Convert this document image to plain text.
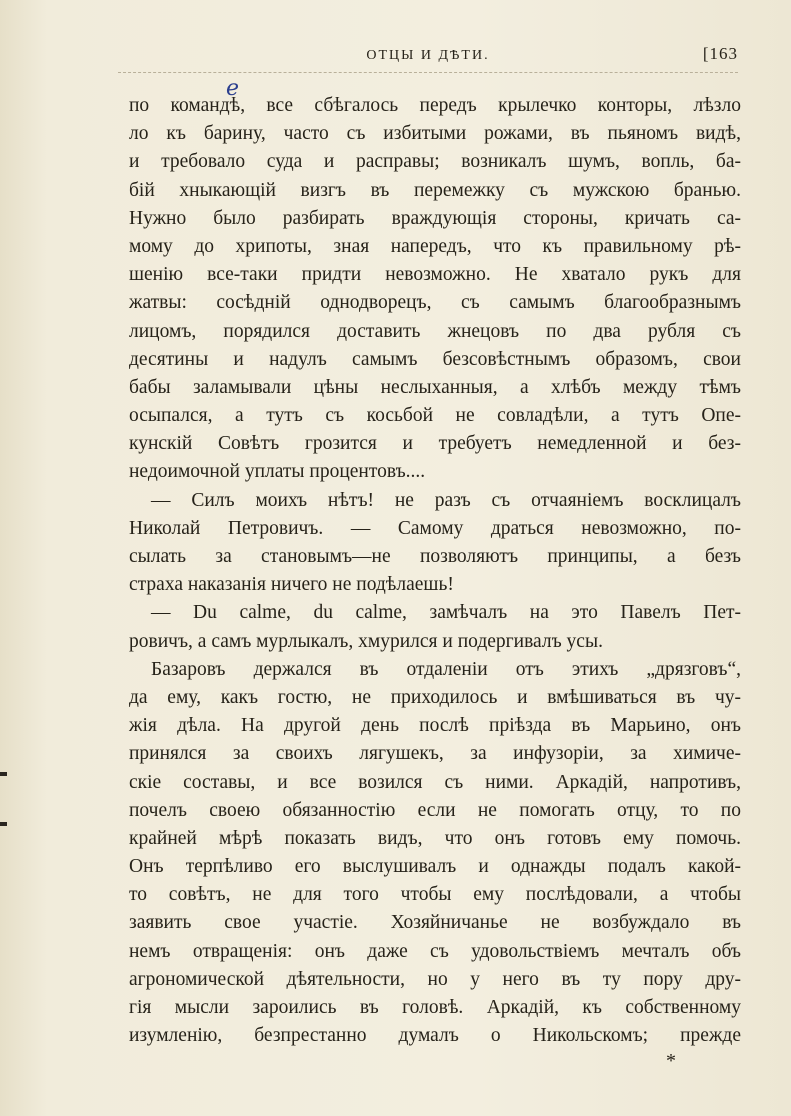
ОТЦЫ И ДѢТИ.	[163
e
по командѣ, все сбѣгалось передъ крылечко конторы, лѣзло
ло къ барину, часто съ избитыми рожами, въ пьяномъ видѣ,
и требовало суда и расправы; возникалъ шумъ, вопль, ба-
бій хныкающій визгъ въ перемежку съ мужскою бранью.
Нужно было разбирать враждующія стороны, кричать са-
мому до хрипоты, зная напередъ, что къ правильному рѣ-
шенію все-таки придти невозможно. Не хватало рукъ для
жатвы: сосѣдній однодворецъ, съ самымъ благообразнымъ
лицомъ, порядился доставить жнецовъ по два рубля съ
десятины и надулъ самымъ безсовѣстнымъ образомъ, свои
бабы заламывали цѣны неслыханныя, а хлѣбъ между тѣмъ
осыпался, а тутъ съ косьбой не совладѣли, а тутъ Опе-
кунскій Совѣтъ грозится и требуетъ немедленной и без-
недоимочной уплаты процентовъ....
— Силъ моихъ нѣтъ! не разъ съ отчаяніемъ восклицалъ
Николай Петровичъ. — Самому драться невозможно, по-
сылать за становымъ—не позволяютъ принципы, а безъ
страха наказанія ничего не подѣлаешь!
— Du calme, du calme, замѣчалъ на это Павелъ Пет-
ровичъ, а самъ мурлыкалъ, хмурился и подергивалъ усы.
Базаровъ держался въ отдаленіи отъ этихъ „дрязговъ“,
да ему, какъ гостю, не приходилось и вмѣшиваться въ чу-
жія дѣла. На другой день послѣ пріѣзда въ Марьино, онъ
принялся за своихъ лягушекъ, за инфузоріи, за химиче-
скіе составы, и все возился съ ними. Аркадій, напротивъ,
почелъ своею обязанностію если не помогать отцу, то по
крайней мѣрѣ показать видъ, что онъ готовъ ему помочь.
Онъ терпѣливо его выслушивалъ и однажды подалъ какой-
то совѣтъ, не для того чтобы ему послѣдовали, а чтобы
заявить свое участіе. Хозяйничанье не возбуждало въ
немъ отвращенія: онъ даже съ удовольствіемъ мечталъ объ
агрономической дѣятельности, но у него въ ту пору дру-
гія мысли зароились въ головѣ. Аркадій, къ собственному
изумленію, безпрестанно думалъ о Никольскомъ; прежде
*
